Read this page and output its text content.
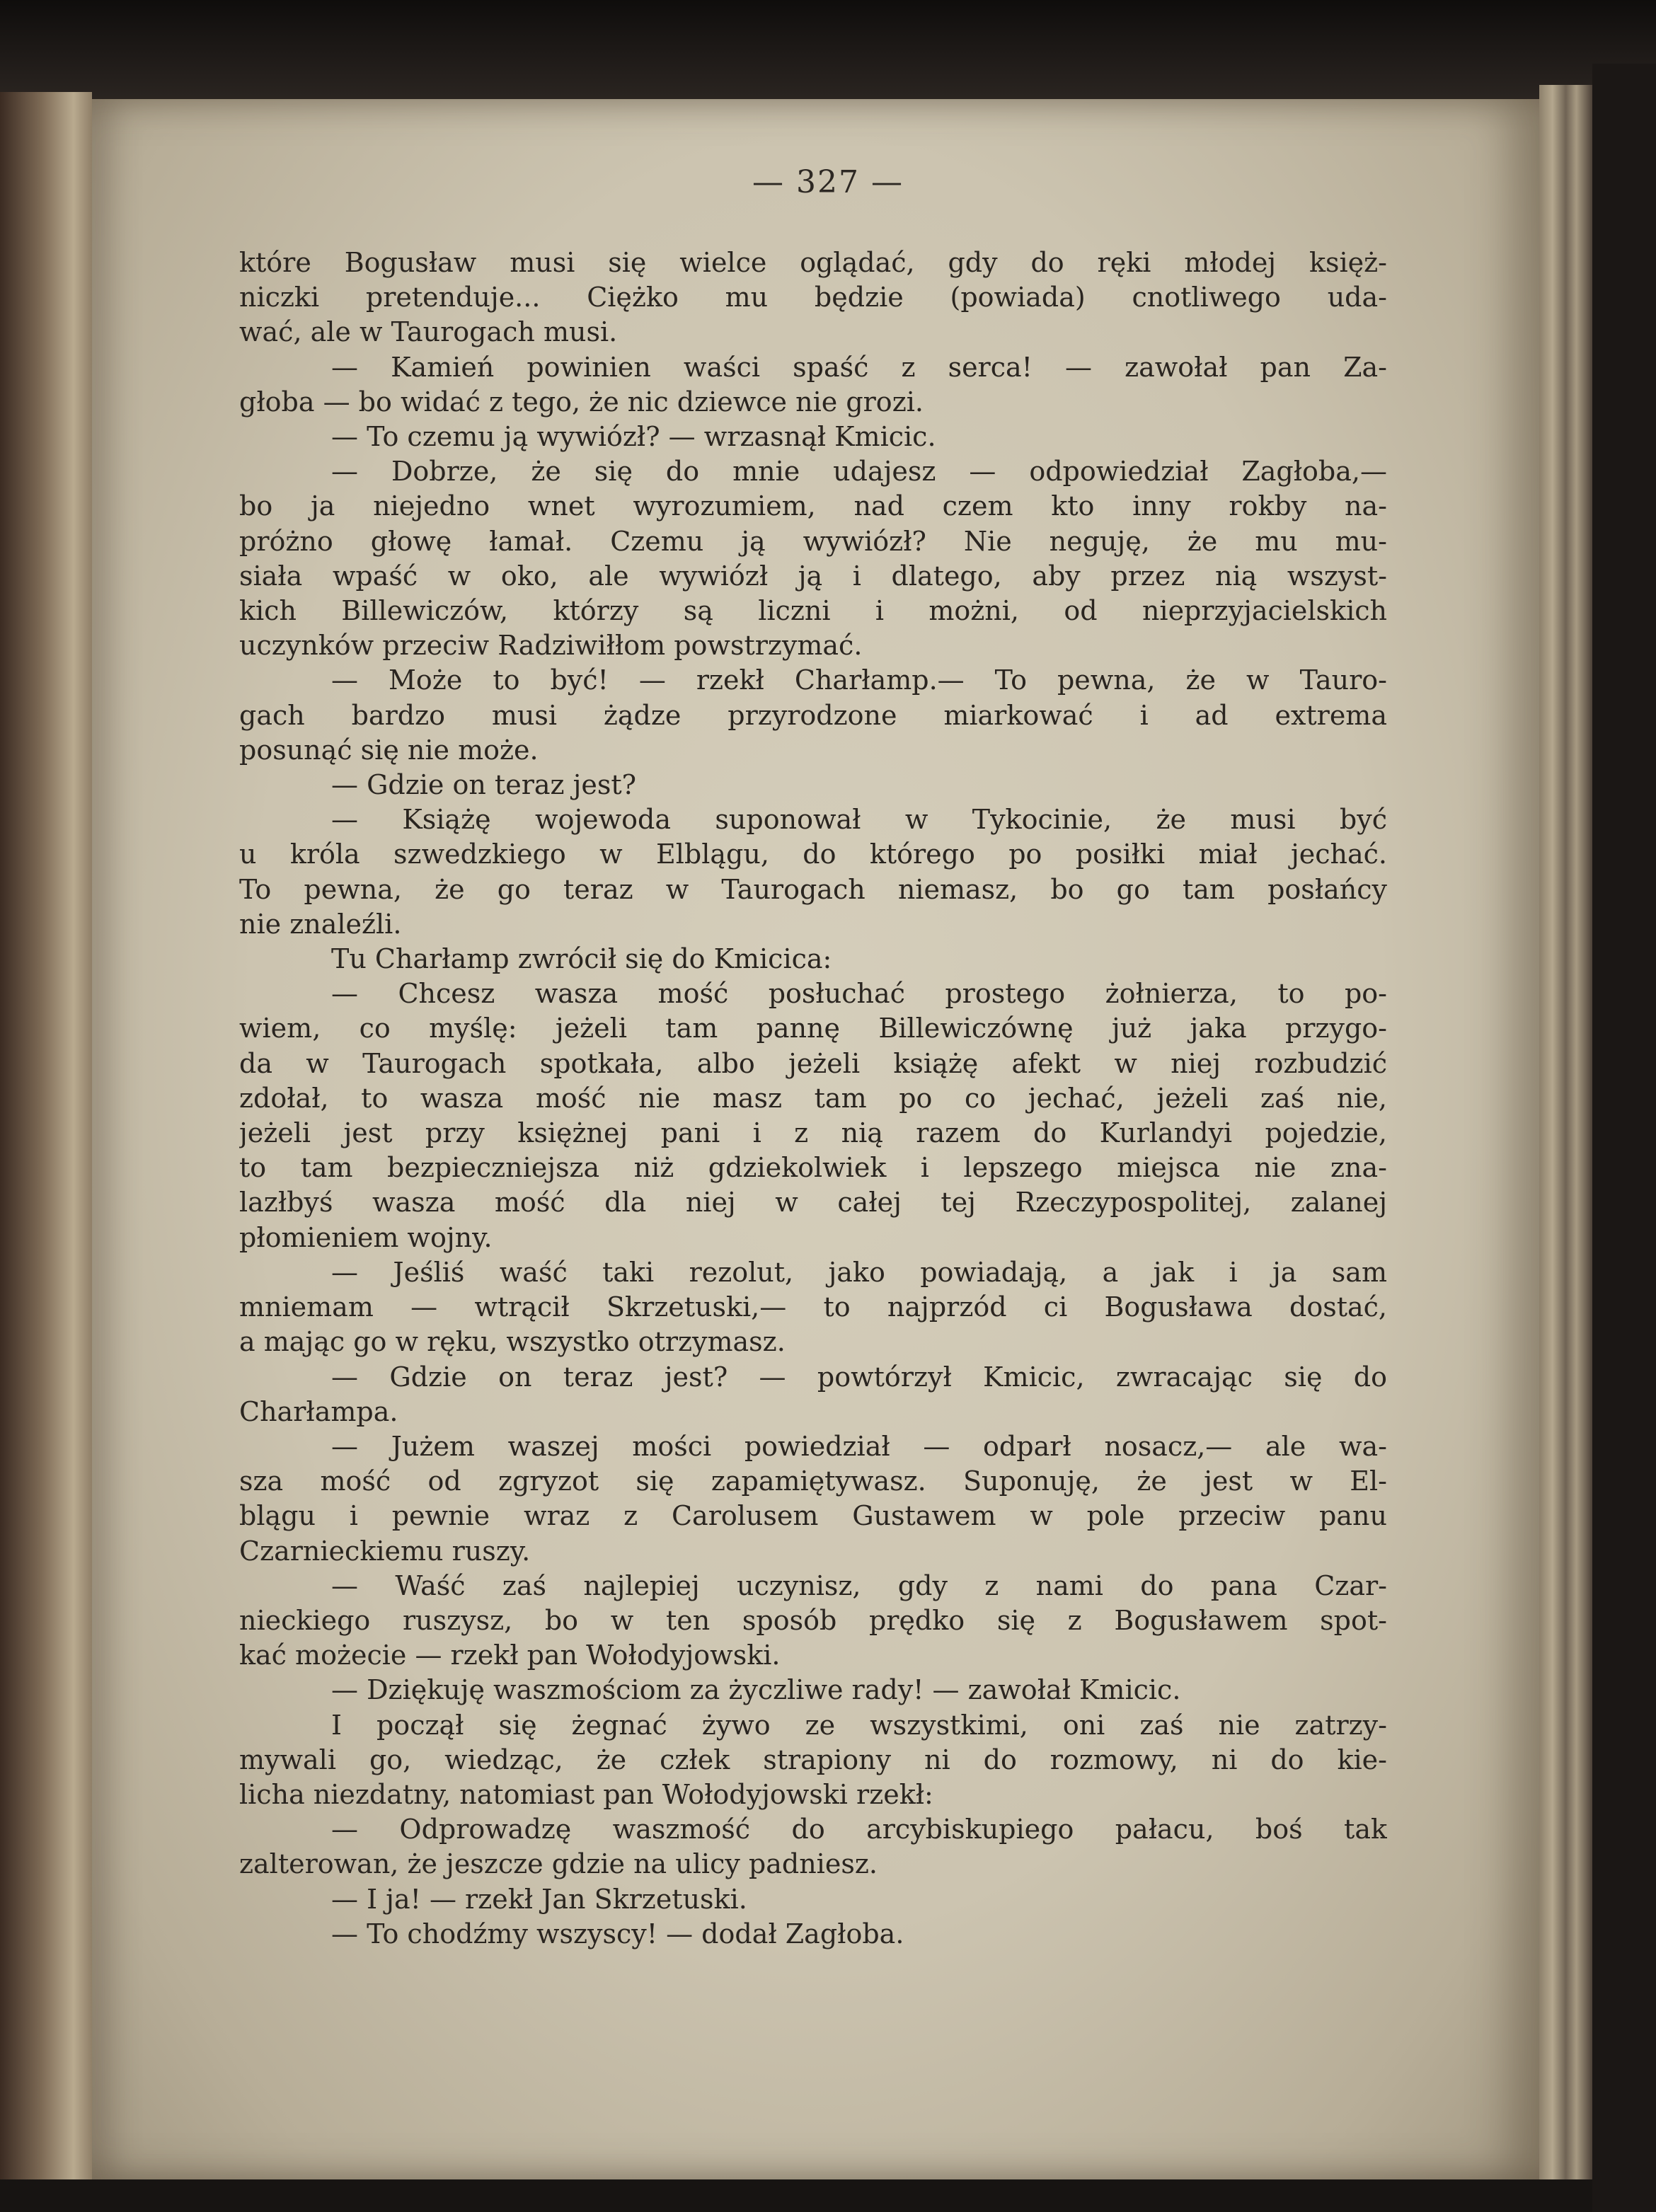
— 327 —
które Bogusław musi się wielce oglądać, gdy do ręki młodej księż-
niczki pretenduje... Ciężko mu będzie (powiada) cnotliwego uda-
wać, ale w Taurogach musi.
— Kamień powinien waści spaść z serca! — zawołał pan Za-
głoba — bo widać z tego, że nic dziewce nie grozi.
— To czemu ją wywiózł? — wrzasnął Kmicic.
— Dobrze, że się do mnie udajesz — odpowiedział Zagłoba,—
bo ja niejedno wnet wyrozumiem, nad czem kto inny rokby na-
próżno głowę łamał. Czemu ją wywiózł? Nie neguję, że mu mu-
siała wpaść w oko, ale wywiózł ją i dlatego, aby przez nią wszyst-
kich Billewiczów, którzy są liczni i możni, od nieprzyjacielskich
uczynków przeciw Radziwiłłom powstrzymać.
— Może to być! — rzekł Charłamp.— To pewna, że w Tauro-
gach bardzo musi żądze przyrodzone miarkować i ad extrema
posunąć się nie może.
— Gdzie on teraz jest?
— Książę wojewoda suponował w Tykocinie, że musi być
u króla szwedzkiego w Elblągu, do którego po posiłki miał jechać.
To pewna, że go teraz w Taurogach niemasz, bo go tam posłańcy
nie znaleźli.
Tu Charłamp zwrócił się do Kmicica:
— Chcesz wasza mość posłuchać prostego żołnierza, to po-
wiem, co myślę: jeżeli tam pannę Billewiczównę już jaka przygo-
da w Taurogach spotkała, albo jeżeli książę afekt w niej rozbudzić
zdołał, to wasza mość nie masz tam po co jechać, jeżeli zaś nie,
jeżeli jest przy księżnej pani i z nią razem do Kurlandyi pojedzie,
to tam bezpieczniejsza niż gdziekolwiek i lepszego miejsca nie zna-
lazłbyś wasza mość dla niej w całej tej Rzeczypospolitej, zalanej
płomieniem wojny.
— Jeśliś waść taki rezolut, jako powiadają, a jak i ja sam
mniemam — wtrącił Skrzetuski,— to najprzód ci Bogusława dostać,
a mając go w ręku, wszystko otrzymasz.
— Gdzie on teraz jest? — powtórzył Kmicic, zwracając się do
Charłampa.
— Jużem waszej mości powiedział — odparł nosacz,— ale wa-
sza mość od zgryzot się zapamiętywasz. Suponuję, że jest w El-
blągu i pewnie wraz z Carolusem Gustawem w pole przeciw panu
Czarnieckiemu ruszy.
— Waść zaś najlepiej uczynisz, gdy z nami do pana Czar-
nieckiego ruszysz, bo w ten sposób prędko się z Bogusławem spot-
kać możecie — rzekł pan Wołodyjowski.
— Dziękuję waszmościom za życzliwe rady! — zawołał Kmicic.
I począł się żegnać żywo ze wszystkimi, oni zaś nie zatrzy-
mywali go, wiedząc, że człek strapiony ni do rozmowy, ni do kie-
licha niezdatny, natomiast pan Wołodyjowski rzekł:
— Odprowadzę waszmość do arcybiskupiego pałacu, boś tak
zalterowan, że jeszcze gdzie na ulicy padniesz.
— I ja! — rzekł Jan Skrzetuski.
— To chodźmy wszyscy! — dodał Zagłoba.
